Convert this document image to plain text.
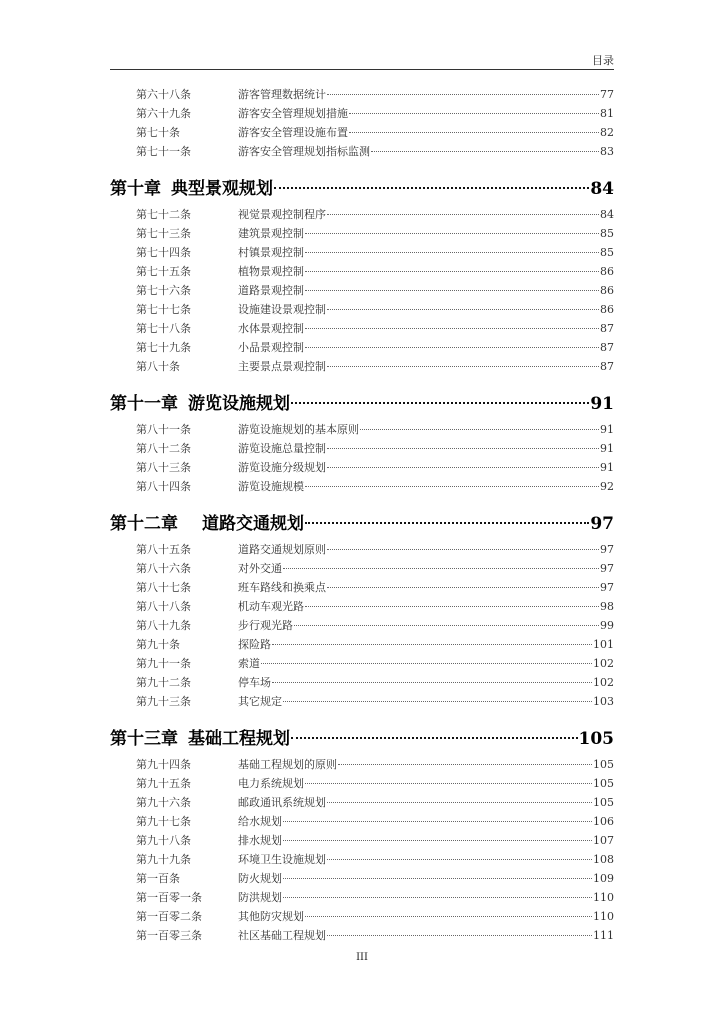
目录
第六十八条	游客管理数据统计	77
第六十九条	游客安全管理规划措施	81
第七十条	游客安全管理设施布置	82
第七十一条	游客安全管理规划指标监测	83
第十章 典型景观规划	84
第七十二条	视觉景观控制程序	84
第七十三条	建筑景观控制	85
第七十四条	村镇景观控制	85
第七十五条	植物景观控制	86
第七十六条	道路景观控制	86
第七十七条	设施建设景观控制	86
第七十八条	水体景观控制	87
第七十九条	小品景观控制	87
第八十条	主要景点景观控制	87
第十一章 游览设施规划	91
第八十一条	游览设施规划的基本原则	91
第八十二条	游览设施总量控制	91
第八十三条	游览设施分级规划	91
第八十四条	游览设施规模	92
第十二章 道路交通规划	97
第八十五条	道路交通规划原则	97
第八十六条	对外交通	97
第八十七条	班车路线和换乘点	97
第八十八条	机动车观光路	98
第八十九条	步行观光路	99
第九十条	探险路	101
第九十一条	索道	102
第九十二条	停车场	102
第九十三条	其它规定	103
第十三章 基础工程规划	105
第九十四条	基础工程规划的原则	105
第九十五条	电力系统规划	105
第九十六条	邮政通讯系统规划	105
第九十七条	给水规划	106
第九十八条	排水规划	107
第九十九条	环境卫生设施规划	108
第一百条	防火规划	109
第一百零一条	防洪规划	110
第一百零二条	其他防灾规划	110
第一百零三条	社区基础工程规划	111
III
